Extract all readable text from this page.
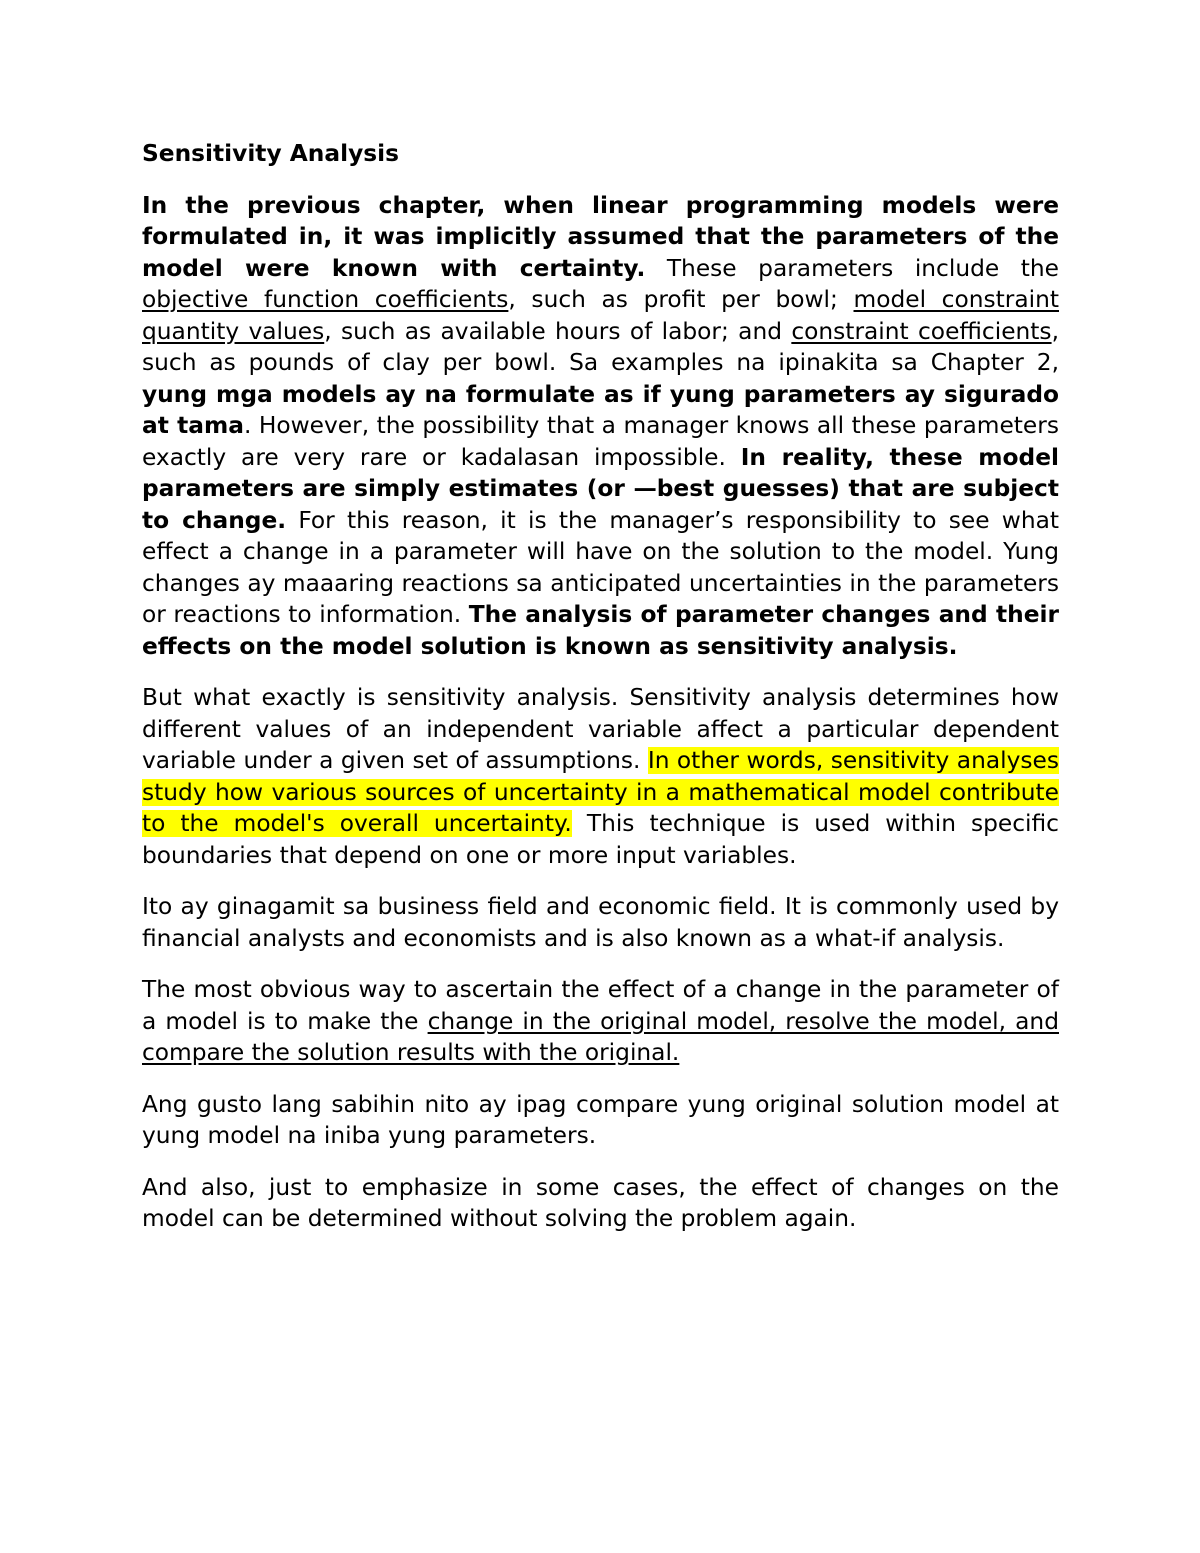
Sensitivity Analysis

In the previous chapter, when linear programming models were formulated in, it was implicitly assumed that the parameters of the model were known with certainty. These parameters include the objective function coefficients, such as profit per bowl; model constraint quantity values, such as available hours of labor; and constraint coefficients, such as pounds of clay per bowl. Sa examples na ipinakita sa Chapter 2, yung mga models ay na formulate as if yung parameters ay sigurado at tama. However, the possibility that a manager knows all these parameters exactly are very rare or kadalasan impossible. In reality, these model parameters are simply estimates (or —best guesses) that are subject to change. For this reason, it is the manager’s responsibility to see what effect a change in a parameter will have on the solution to the model. Yung changes ay maaaring reactions sa anticipated uncertainties in the parameters or reactions to information. The analysis of parameter changes and their effects on the model solution is known as sensitivity analysis.

But what exactly is sensitivity analysis. Sensitivity analysis determines how different values of an independent variable affect a particular dependent variable under a given set of assumptions. In other words, sensitivity analyses study how various sources of uncertainty in a mathematical model contribute to the model's overall uncertainty. This technique is used within specific boundaries that depend on one or more input variables.

Ito ay ginagamit sa business field and economic field. It is commonly used by financial analysts and economists and is also known as a what-if analysis.

The most obvious way to ascertain the effect of a change in the parameter of a model is to make the change in the original model, resolve the model, and compare the solution results with the original.

Ang gusto lang sabihin nito ay ipag compare yung original solution model at yung model na iniba yung parameters.

And also, just to emphasize in some cases, the effect of changes on the model can be determined without solving the problem again.
